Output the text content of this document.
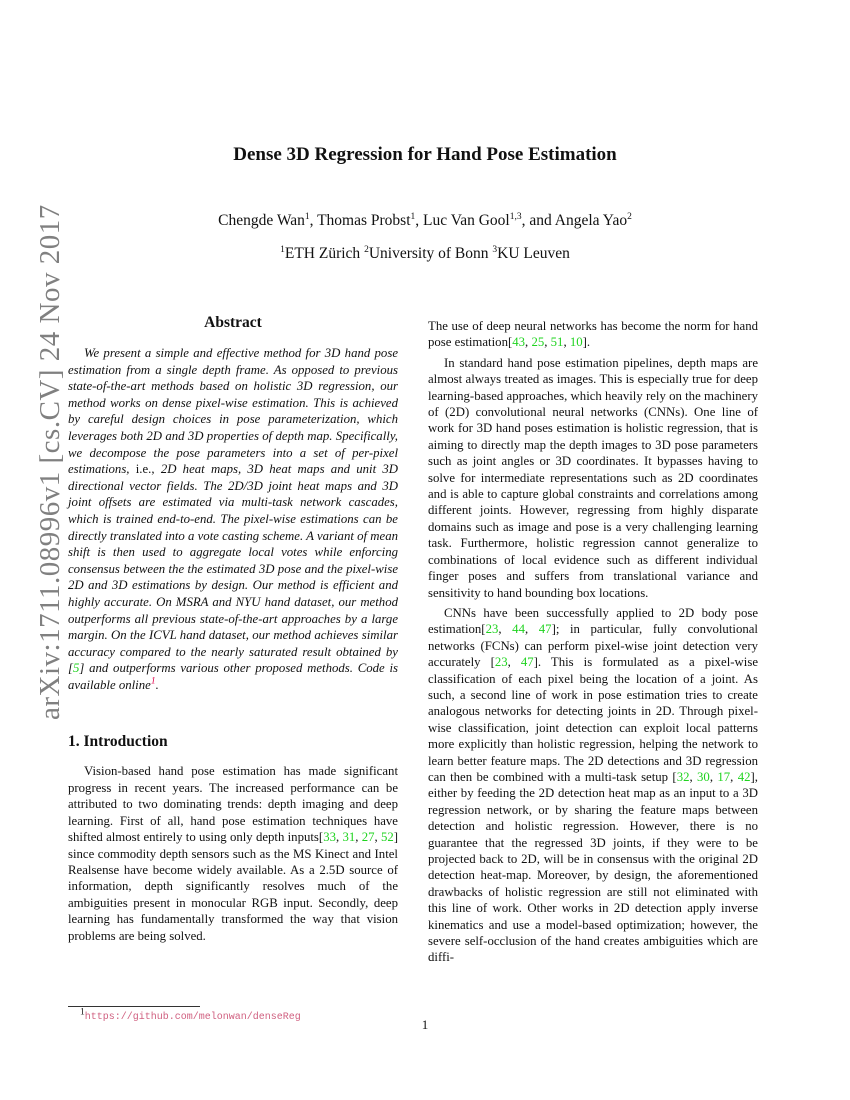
arXiv:1711.08996v1 [cs.CV] 24 Nov 2017
Dense 3D Regression for Hand Pose Estimation
Chengde Wan$^1$, Thomas Probst$^1$, Luc Van Gool$^{1,3}$, and Angela Yao$^2$
$^1$ETH Zürich $^2$University of Bonn $^3$KU Leuven
Abstract

We present a simple and effective method for 3D hand pose estimation from a single depth frame. As opposed to previous state-of-the-art methods based on holistic 3D regression, our method works on dense pixel-wise estimation. This is achieved by careful design choices in pose parameterization, which leverages both 2D and 3D properties of depth map. Specifically, we decompose the pose parameters into a set of per-pixel estimations, i.e., 2D heat maps, 3D heat maps and unit 3D directional vector fields. The 2D/3D joint heat maps and 3D joint offsets are estimated via multi-task network cascades, which is trained end-to-end. The pixel-wise estimations can be directly translated into a vote casting scheme. A variant of mean shift is then used to aggregate local votes while enforcing consensus between the the estimated 3D pose and the pixel-wise 2D and 3D estimations by design. Our method is efficient and highly accurate. On MSRA and NYU hand dataset, our method outperforms all previous state-of-the-art approaches by a large margin. On the ICVL hand dataset, our method achieves similar accuracy compared to the nearly saturated result obtained by [5] and outperforms various other proposed methods. Code is available online$^1$.

1. Introduction

Vision-based hand pose estimation has made significant progress in recent years. The increased performance can be attributed to two dominating trends: depth imaging and deep learning. First of all, hand pose estimation techniques have shifted almost entirely to using only depth inputs[33, 31, 27, 52] since commodity depth sensors such as the MS Kinect and Intel Realsense have become widely available. As a 2.5D source of information, depth significantly resolves much of the ambiguities present in monocular RGB input. Secondly, deep learning has fundamentally transformed the way that vision problems are being solved.

The use of deep neural networks has become the norm for hand pose estimation[43, 25, 51, 10].

In standard hand pose estimation pipelines, depth maps are almost always treated as images. This is especially true for deep learning-based approaches, which heavily rely on the machinery of (2D) convolutional neural networks (CNNs). One line of work for 3D hand poses estimation is holistic regression, that is aiming to directly map the depth images to 3D pose parameters such as joint angles or 3D coordinates. It bypasses having to solve for intermediate representations such as 2D coordinates and is able to capture global constraints and correlations among different joints. However, regressing from highly disparate domains such as image and pose is a very challenging learning task. Furthermore, holistic regression cannot generalize to combinations of local evidence such as different individual finger poses and suffers from translational variance and sensitivity to hand bounding box locations.

CNNs have been successfully applied to 2D body pose estimation[23, 44, 47]; in particular, fully convolutional networks (FCNs) can perform pixel-wise joint detection very accurately [23, 47]. This is formulated as a pixel-wise classification of each pixel being the location of a joint. As such, a second line of work in pose estimation tries to create analogous networks for detecting joints in 2D. Through pixel-wise classification, joint detection can exploit local patterns more explicitly than holistic regression, helping the network to learn better feature maps. The 2D detections and 3D regression can then be combined with a multi-task setup [32, 30, 17, 42], either by feeding the 2D detection heat map as an input to a 3D regression network, or by sharing the feature maps between detection and holistic regression. However, there is no guarantee that the regressed 3D joints, if they were to be projected back to 2D, will be in consensus with the original 2D detection heat-map. Moreover, by design, the aforementioned drawbacks of holistic regression are still not eliminated with this line of work. Other works in 2D detection apply inverse kinematics and use a model-based optimization; however, the severe self-occlusion of the hand creates ambiguities which are diffi-

$^1$https://github.com/melonwan/denseReg	1
